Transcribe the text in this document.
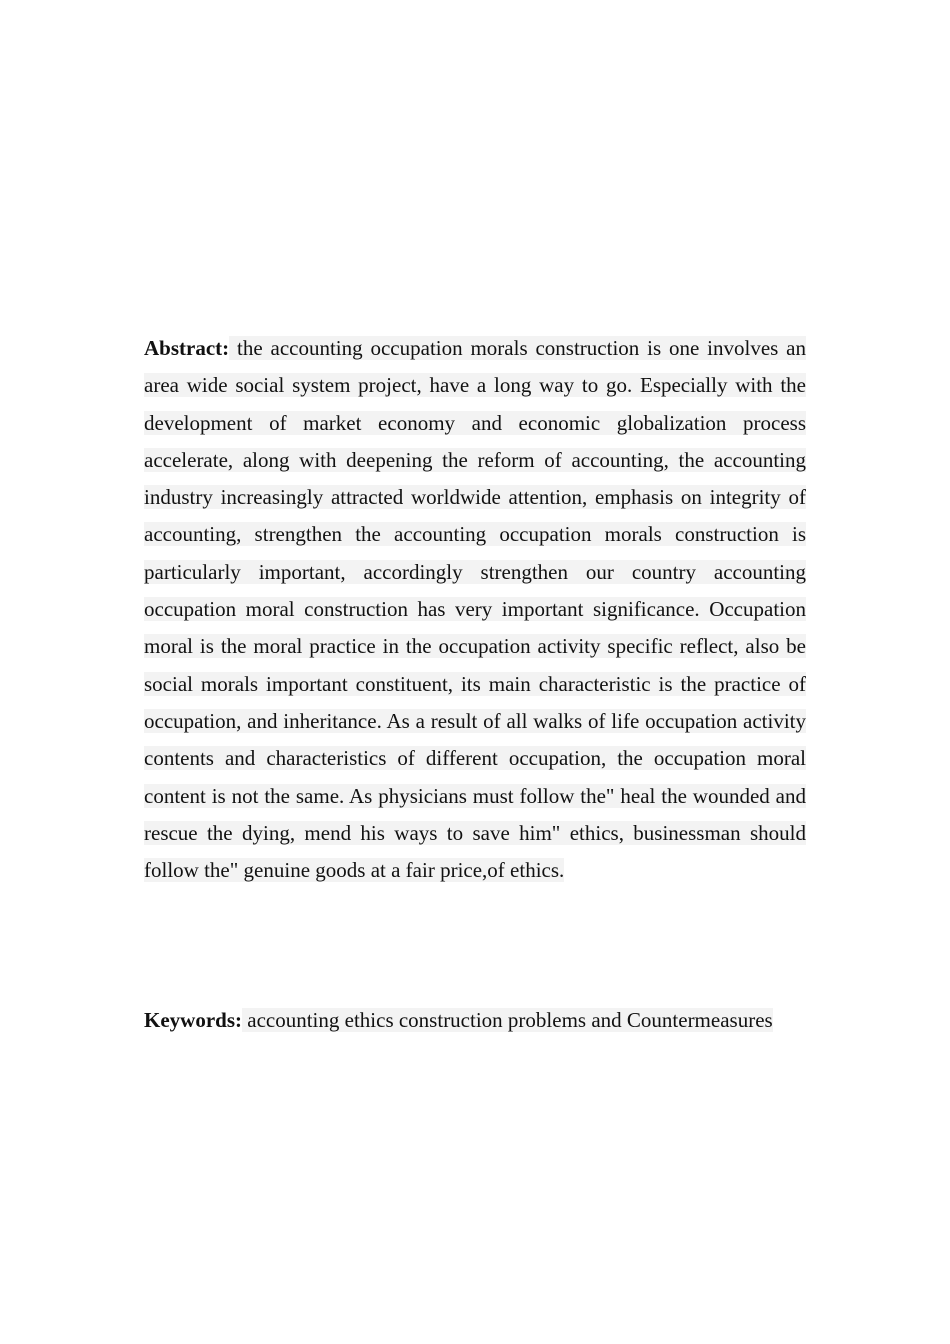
Abstract: the accounting occupation morals construction is one involves an area wide social system project, have a long way to go. Especially with the development of market economy and economic globalization process accelerate, along with deepening the reform of accounting, the accounting industry increasingly attracted worldwide attention, emphasis on integrity of accounting, strengthen the accounting occupation morals construction is particularly important, accordingly strengthen our country accounting occupation moral construction has very important significance. Occupation moral is the moral practice in the occupation activity specific reflect, also be social morals important constituent, its main characteristic is the practice of occupation, and inheritance. As a result of all walks of life occupation activity contents and characteristics of different occupation, the occupation moral content is not the same. As physicians must follow the" heal the wounded and rescue the dying, mend his ways to save him" ethics, businessman should follow the" genuine goods at a fair price,of ethics.

Keywords: accounting ethics construction problems and Countermeasures
